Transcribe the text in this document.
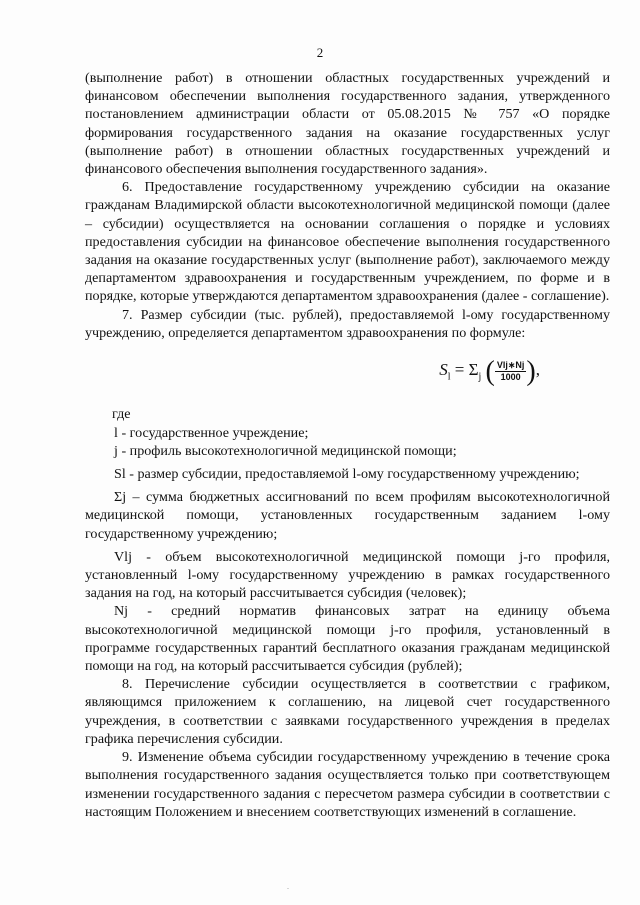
2

(выполнение работ) в отношении областных государственных учреждений и финансовом обеспечении выполнения государственного задания, утвержденного постановлением администрации области от 05.08.2015 № 757 «О порядке формирования государственного задания на оказание государственных услуг (выполнение работ) в отношении областных государственных учреждений и финансового обеспечения выполнения государственного задания».

6. Предоставление государственному учреждению субсидии на оказание гражданам Владимирской области высокотехнологичной медицинской помощи (далее – субсидии) осуществляется на основании соглашения о порядке и условиях предоставления субсидии на финансовое обеспечение выполнения государственного задания на оказание государственных услуг (выполнение работ), заключаемого между департаментом здравоохранения и государственным учреждением, по форме и в порядке, которые утверждаются департаментом здравоохранения (далее - соглашение).

7. Размер субсидии (тыс. рублей), предоставляемой l-ому государственному учреждению, определяется департаментом здравоохранения по формуле:

$S_l = \Sigma_j$ ( $\frac{\text{Vlj∗Nj}}{1000}$ ),

где

l - государственное учреждение;

j - профиль высокотехнологичной медицинской помощи;

Sl - размер субсидии, предоставляемой l-ому государственному учреждению;

Σj – сумма бюджетных ассигнований по всем профилям высокотехнологичной медицинской помощи, установленных государственным заданием l-ому государственному учреждению;

Vlj - объем высокотехнологичной медицинской помощи j-го профиля, установленный l-ому государственному учреждению в рамках государственного задания на год, на который рассчитывается субсидия (человек);

Nj - средний норматив финансовых затрат на единицу объема высокотехнологичной медицинской помощи j-го профиля, установленный в программе государственных гарантий бесплатного оказания гражданам медицинской помощи на год, на который рассчитывается субсидия (рублей);

8. Перечисление субсидии осуществляется в соответствии с графиком, являющимся приложением к соглашению, на лицевой счет государственного учреждения, в соответствии с заявками государственного учреждения в пределах графика перечисления субсидии.

9. Изменение объема субсидии государственному учреждению в течение срока выполнения государственного задания осуществляется только при соответствующем изменении государственного задания с пересчетом размера субсидии в соответствии с настоящим Положением и внесением соответствующих изменений в соглашение.

.
